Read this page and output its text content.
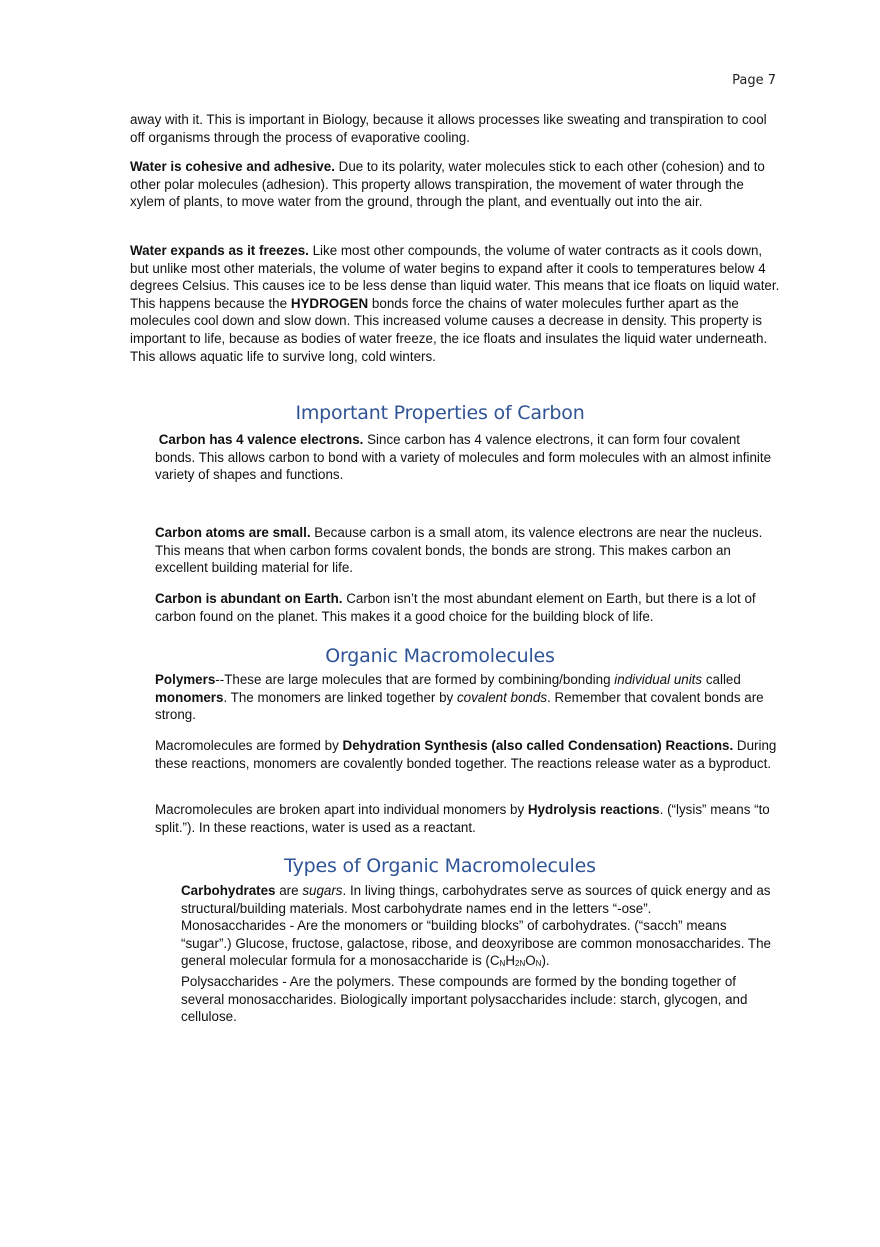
Page 7

away with it. This is important in Biology, because it allows processes like sweating and transpiration to cool off organisms through the process of evaporative cooling.

Water is cohesive and adhesive. Due to its polarity, water molecules stick to each other (cohesion) and to other polar molecules (adhesion). This property allows transpiration, the movement of water through the xylem of plants, to move water from the ground, through the plant, and eventually out into the air.

Water expands as it freezes. Like most other compounds, the volume of water contracts as it cools down, but unlike most other materials, the volume of water begins to expand after it cools to temperatures below 4 degrees Celsius. This causes ice to be less dense than liquid water. This means that ice floats on liquid water. This happens because the HYDROGEN bonds force the chains of water molecules further apart as the molecules cool down and slow down. This increased volume causes a decrease in density. This property is important to life, because as bodies of water freeze, the ice floats and insulates the liquid water underneath. This allows aquatic life to survive long, cold winters.

Important Properties of Carbon

Carbon has 4 valence electrons. Since carbon has 4 valence electrons, it can form four covalent bonds. This allows carbon to bond with a variety of molecules and form molecules with an almost infinite variety of shapes and functions.

Carbon atoms are small. Because carbon is a small atom, its valence electrons are near the nucleus. This means that when carbon forms covalent bonds, the bonds are strong. This makes carbon an excellent building material for life.

Carbon is abundant on Earth. Carbon isn’t the most abundant element on Earth, but there is a lot of carbon found on the planet. This makes it a good choice for the building block of life.

Organic Macromolecules

Polymers--These are large molecules that are formed by combining/bonding individual units called monomers. The monomers are linked together by covalent bonds. Remember that covalent bonds are strong.

Macromolecules are formed by Dehydration Synthesis (also called Condensation) Reactions. During these reactions, monomers are covalently bonded together. The reactions release water as a byproduct.

Macromolecules are broken apart into individual monomers by Hydrolysis reactions. (“lysis” means “to split.”). In these reactions, water is used as a reactant.

Types of Organic Macromolecules

Carbohydrates are sugars. In living things, carbohydrates serve as sources of quick energy and as structural/building materials. Most carbohydrate names end in the letters “-ose”.

Monosaccharides - Are the monomers or “building blocks” of carbohydrates. (“sacch” means “sugar”.) Glucose, fructose, galactose, ribose, and deoxyribose are common monosaccharides. The general molecular formula for a monosaccharide is $(C_NH_{2N}O_N)$.

Polysaccharides - Are the polymers. These compounds are formed by the bonding together of several monosaccharides. Biologically important polysaccharides include: starch, glycogen, and cellulose.
